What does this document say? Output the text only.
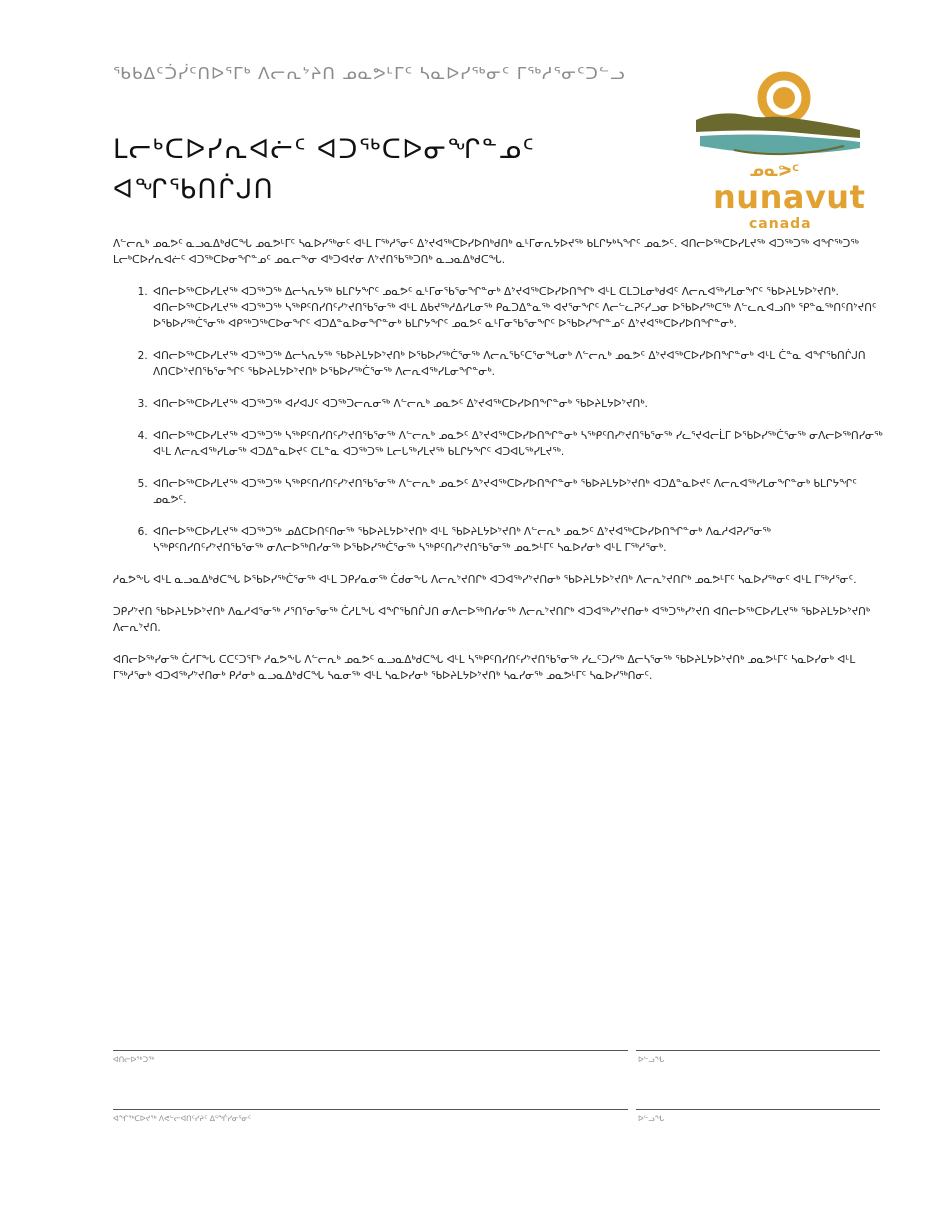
ᖃᑲᐃᑦᑑᓰᑦᑎᐅᕐᒥᒃ ᐱᓕᕆᔾᔨᑎ ᓄᓇᕗᒻᒥᑦ ᓴᓇᐅᓯᖅᓂᑦ ᒥᖅᓱᕐᓂᑦᑐᓪᓗ
ᒪᓕᒃᑕᐅᓯᕆᐊᓖᑦ ᐊᑐᖅᑕᐅᓂᖏᓐᓄᑦ
ᐊᖏᖃᑎᒌᒍᑎ
ᓄᓇᕗᑦ
nunavut
canada

ᐱᓪᓕᕆᒃ ᓄᓇᕗᑦ ᓇᓗᓇᐃᒃᑯᑕᖓ ᓄᓇᕗᒻᒥᑦ ᓴᓇᐅᓯᖅᓂᑦ ᐊᒻᒪ ᒥᖅᓱᕐᓂᑦ ᐃᔾᔪᐊᖅᑕᐅᓯᐅᑎᒃᑯᑎᒃ ᓇᒻᒥᓂᕆᔭᐅᔪᖅ ᑲᒪᒋᔭᒃᓴᖏᑦ ᓄᓇᕗᑦ. ᐊᑎᓕᐅᖅᑕᐅᓯᒪᔪᖅ ᐊᑐᖅᑐᖅ ᐊᖏᖅᑐᖅ ᒪᓕᒃᑕᐅᓯᕆᐊᓖᑦ ᐊᑐᖅᑕᐅᓂᖏᓐᓄᑦ ᓄᓇᓕᖕᓂ ᐊᒃᑐᐊᔪᓂ ᐱᔾᔪᑎᖃᖅᑐᑎᒃ ᓇᓗᓇᐃᒃᑯᑕᖓ.

1. ᐊᑎᓕᐅᖅᑕᐅᓯᒪᔪᖅ ᐊᑐᖅᑐᖅ ᐃᓕᓴᕆᔭᖅ ᑲᒪᒋᔭᖏᑦ ᓄᓇᕗᑦ ᓇᒻᒥᓂᖃᕐᓂᖏᓐᓂᒃ ᐃᔾᔪᐊᖅᑕᐅᓯᐅᑎᖏᒃ ᐊᒻᒪ ᑕᒪᑐᒪᓂᒃᑯᐊᑦ ᐱᓕᕆᐊᖅᓯᒪᓂᖏᑦ ᖃᐅᔨᒪᔭᐅᔾᔪᑎᒃ. ᐊᑎᓕᐅᖅᑕᐅᓯᒪᔪᖅ ᐊᑐᖅᑐᖅ ᓴᖅᑭᑦᑎᓯᑎᑦᓯᔾᔪᑎᖃᕐᓂᖅ ᐊᒻᒪ ᐃᑲᔪᖅᓱᐃᓯᒪᓂᖅ ᑭᓇᑐᐃᓐᓇᖅ ᐊᔪᕐᓂᖏᑦ ᐱᓕᓪᓚᕈᑦᓯᓗᓂ ᐅᖃᐅᓯᖅᑕᖅ ᐱᓪᓚᕆᐊᓗᑎᒃ ᕿᓐᓇᖅᑎᑦᑎᔾᔪᑎᑦ ᐅᖃᐅᓯᖅᑖᕐᓂᖅ ᐊᑭᖅᑐᖅᑕᐅᓂᖏᑦ ᐊᑐᐃᓐᓇᐅᓂᖏᓐᓂᒃ ᑲᒪᒋᔭᖏᑦ ᓄᓇᕗᑦ ᓇᒻᒥᓂᖃᕐᓂᖏᑦ ᐅᖃᐅᓯᖏᓐᓄᑦ ᐃᔾᔪᐊᖅᑕᐅᓯᐅᑎᖏᓐᓂᒃ.
2. ᐊᑎᓕᐅᖅᑕᐅᓯᒪᔪᖅ ᐊᑐᖅᑐᖅ ᐃᓕᓴᕆᔭᖅ ᖃᐅᔨᒪᔭᐅᔾᔪᑎᒃ ᐅᖃᐅᓯᖅᑖᕐᓂᖅ ᐱᓕᕆᖃᑦᑕᕐᓂᖓᓂᒃ ᐱᓪᓕᕆᒃ ᓄᓇᕗᑦ ᐃᔾᔪᐊᖅᑕᐅᓯᐅᑎᖏᓐᓂᒃ ᐊᒻᒪ ᑖᓐᓇ ᐊᖏᖃᑎᒌᒍᑎ ᐱᑎᑕᐅᔾᔪᑎᖃᕐᓂᖏᑦ ᖃᐅᔨᒪᔭᐅᔾᔪᑎᒃ ᐅᖃᐅᓯᖅᑖᕐᓂᖅ ᐱᓕᕆᐊᖅᓯᒪᓂᖏᓐᓂᒃ.
3. ᐊᑎᓕᐅᖅᑕᐅᓯᒪᔪᖅ ᐊᑐᖅᑐᖅ ᐊᓯᐊᒍᑦ ᐊᑐᖅᑐᓕᕆᓂᖅ ᐱᓪᓕᕆᒃ ᓄᓇᕗᑦ ᐃᔾᔪᐊᖅᑕᐅᓯᐅᑎᖏᓐᓂᒃ ᖃᐅᔨᒪᔭᐅᔾᔪᑎᒃ.
4. ᐊᑎᓕᐅᖅᑕᐅᓯᒪᔪᖅ ᐊᑐᖅᑐᖅ ᓴᖅᑭᑦᑎᓯᑎᑦᓯᔾᔪᑎᖃᕐᓂᖅ ᐱᓪᓕᕆᒃ ᓄᓇᕗᑦ ᐃᔾᔪᐊᖅᑕᐅᓯᐅᑎᖏᓐᓂᒃ ᓴᖅᑭᑦᑎᓯᔾᔪᑎᖃᕐᓂᖅ ᓯᓚᕐᔪᐊᓕᒫᒥ ᐅᖃᐅᓯᖅᑖᕐᓂᖅ ᓂᐱᓕᐅᖅᑎᓯᓂᖅ ᐊᒻᒪ ᐱᓕᕆᐊᖅᓯᒪᓂᖅ ᐊᑐᐃᓐᓇᐅᔪᑦ ᑕᒪᓐᓇ ᐊᑐᖅᑐᖅ ᒪᓕᒐᖅᓯᒪᔪᖅ ᑲᒪᒋᔭᖏᑦ ᐊᑐᐊᒐᖅᓯᒪᔪᖅ.
5. ᐊᑎᓕᐅᖅᑕᐅᓯᒪᔪᖅ ᐊᑐᖅᑐᖅ ᓴᖅᑭᑦᑎᓯᑎᑦᓯᔾᔪᑎᖃᕐᓂᖅ ᐱᓪᓕᕆᒃ ᓄᓇᕗᑦ ᐃᔾᔪᐊᖅᑕᐅᓯᐅᑎᖏᓐᓂᒃ ᖃᐅᔨᒪᔭᐅᔾᔪᑎᒃ ᐊᑐᐃᓐᓇᐅᔪᑦ ᐱᓕᕆᐊᖅᓯᒪᓂᖏᓐᓂᒃ ᑲᒪᒋᔭᖏᑦ ᓄᓇᕗᑦ.
6. ᐊᑎᓕᐅᖅᑕᐅᓯᒪᔪᖅ ᐊᑐᖅᑐᖅ ᓄᐃᑕᐅᑎᑦᑎᓂᖅ ᖃᐅᔨᒪᔭᐅᔾᔪᑎᒃ ᐊᒻᒪ ᖃᐅᔨᒪᔭᐅᔾᔪᑎᒃ ᐱᓪᓕᕆᒃ ᓄᓇᕗᑦ ᐃᔾᔪᐊᖅᑕᐅᓯᐅᑎᖏᓐᓂᒃ ᐱᓇᓱᐊᕈᓯᕐᓂᖅ ᓴᖅᑭᑦᑎᓯᑎᑦᓯᔾᔪᑎᖃᕐᓂᖅ ᓂᐱᓕᐅᖅᑎᓯᓂᖅ ᐅᖃᐅᓯᖅᑖᕐᓂᖅ ᓴᖅᑭᑦᑎᓯᔾᔪᑎᖃᕐᓂᖅ ᓄᓇᕗᒻᒥᑦ ᓴᓇᐅᓯᓂᒃ ᐊᒻᒪ ᒥᖅᓱᕐᓂᒃ.

ᓱᓇᕗᖕᒐ ᐊᒻᒪ ᓇᓗᓇᐃᒃᑯᑕᖓ ᐅᖃᐅᓯᖅᑖᕐᓂᖅ ᐊᒻᒪ ᑐᑭᓯᓇᓂᖅ ᑖᑯᓂᖕᒐ ᐱᓕᕆᔾᔪᑎᒋᒃ ᐊᑐᐊᖅᓯᔾᔪᑎᓂᒃ ᖃᐅᔨᒪᔭᐅᔾᔪᑎᒃ ᐱᓕᕆᔾᔪᑎᒋᒃ ᓄᓇᕗᒻᒥᑦ ᓴᓇᐅᓯᖅᓂᑦ ᐊᒻᒪ ᒥᖅᓱᕐᓂᑦ.

ᑐᑭᓯᔾᔪᑎ ᖃᐅᔨᒪᔭᐅᔾᔪᑎᒃ ᐱᓇᓱᐊᕐᓂᖅ ᓱᕐᑎᕐᓂᕐᓂᖅ ᑖᓱᒪᖕᒐ ᐊᖏᖃᑎᒌᒍᑎ ᓂᐱᓕᐅᖅᑎᓯᓂᖅ ᐱᓕᕆᔾᔪᑎᒋᒃ ᐊᑐᐊᖅᓯᔾᔪᑎᓂᒃ ᐊᖅᑐᖅᓯᔾᔪᑎ ᐊᑎᓕᐅᖅᑕᐅᓯᒪᔪᖅ ᖃᐅᔨᒪᔭᐅᔾᔪᑎᒃ ᐱᓕᕆᔾᔪᑎ.

ᐊᑎᓕᐅᖅᓯᓂᖅ ᑖᓱᒥᖕᒐ ᑕᑕᑦᑐᕐᒥᒃ ᓱᓇᕗᖕᒐ ᐱᓪᓕᕆᒃ ᓄᓇᕗᑦ ᓇᓗᓇᐃᒃᑯᑕᖓ ᐊᒻᒪ ᓴᖅᑭᑦᑎᓯᑎᑦᓯᔾᔪᑎᖃᕐᓂᖅ ᓯᓚᑦᑐᓯᖅ ᐃᓕᓴᕐᓂᖅ ᖃᐅᔨᒪᔭᐅᔾᔪᑎᒃ ᓄᓇᕗᒻᒥᑦ ᓴᓇᐅᓯᓂᒃ ᐊᒻᒪ ᒥᖅᓱᕐᓂᒃ ᐊᑐᐊᖅᓯᔾᔪᑎᓂᒃ ᑭᓱᓂᒃ ᓇᓗᓇᐃᒃᑯᑕᖓ ᓴᓇᓂᖅ ᐊᒻᒪ ᓴᓇᐅᓯᓂᒃ ᖃᐅᔨᒪᔭᐅᔾᔪᑎᒃ ᓴᓇᓯᓂᖅ ᓄᓇᕗᒻᒥᑦ ᓴᓇᐅᓯᖅᑎᓂᑦ.

ᐊᑎᓕᐅᖅᑐᖅ	ᐅᓪᓗᖓ
ᐊᖏᖅᑕᐅᔪᖅ ᐱᕙᓪᓕᐊᑎᑦᓯᔨᑦ ᐃᕐᖐᓯᓂᕐᓂᑦ	ᐅᓪᓗᖓ
